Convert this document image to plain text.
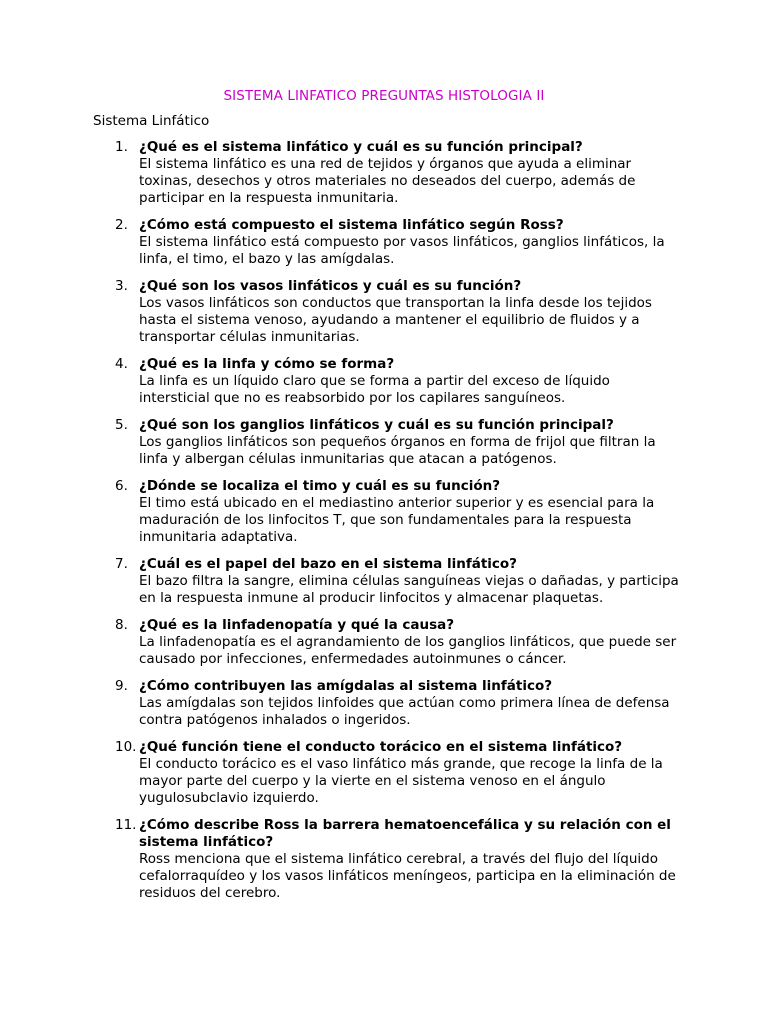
SISTEMA LINFATICO PREGUNTAS HISTOLOGIA II
Sistema Linfático
1. ¿Qué es el sistema linfático y cuál es su función principal?
El sistema linfático es una red de tejidos y órganos que ayuda a eliminar toxinas, desechos y otros materiales no deseados del cuerpo, además de participar en la respuesta inmunitaria.
2. ¿Cómo está compuesto el sistema linfático según Ross?
El sistema linfático está compuesto por vasos linfáticos, ganglios linfáticos, la linfa, el timo, el bazo y las amígdalas.
3. ¿Qué son los vasos linfáticos y cuál es su función?
Los vasos linfáticos son conductos que transportan la linfa desde los tejidos hasta el sistema venoso, ayudando a mantener el equilibrio de fluidos y a transportar células inmunitarias.
4. ¿Qué es la linfa y cómo se forma?
La linfa es un líquido claro que se forma a partir del exceso de líquido intersticial que no es reabsorbido por los capilares sanguíneos.
5. ¿Qué son los ganglios linfáticos y cuál es su función principal?
Los ganglios linfáticos son pequeños órganos en forma de frijol que filtran la linfa y albergan células inmunitarias que atacan a patógenos.
6. ¿Dónde se localiza el timo y cuál es su función?
El timo está ubicado en el mediastino anterior superior y es esencial para la maduración de los linfocitos T, que son fundamentales para la respuesta inmunitaria adaptativa.
7. ¿Cuál es el papel del bazo en el sistema linfático?
El bazo filtra la sangre, elimina células sanguíneas viejas o dañadas, y participa en la respuesta inmune al producir linfocitos y almacenar plaquetas.
8. ¿Qué es la linfadenopatía y qué la causa?
La linfadenopatía es el agrandamiento de los ganglios linfáticos, que puede ser causado por infecciones, enfermedades autoinmunes o cáncer.
9. ¿Cómo contribuyen las amígdalas al sistema linfático?
Las amígdalas son tejidos linfoides que actúan como primera línea de defensa contra patógenos inhalados o ingeridos.
10. ¿Qué función tiene el conducto torácico en el sistema linfático?
El conducto torácico es el vaso linfático más grande, que recoge la linfa de la mayor parte del cuerpo y la vierte en el sistema venoso en el ángulo yugulosubclavio izquierdo.
11. ¿Cómo describe Ross la barrera hematoencefálica y su relación con el sistema linfático?
Ross menciona que el sistema linfático cerebral, a través del flujo del líquido cefalorraquídeo y los vasos linfáticos meníngeos, participa en la eliminación de residuos del cerebro.
